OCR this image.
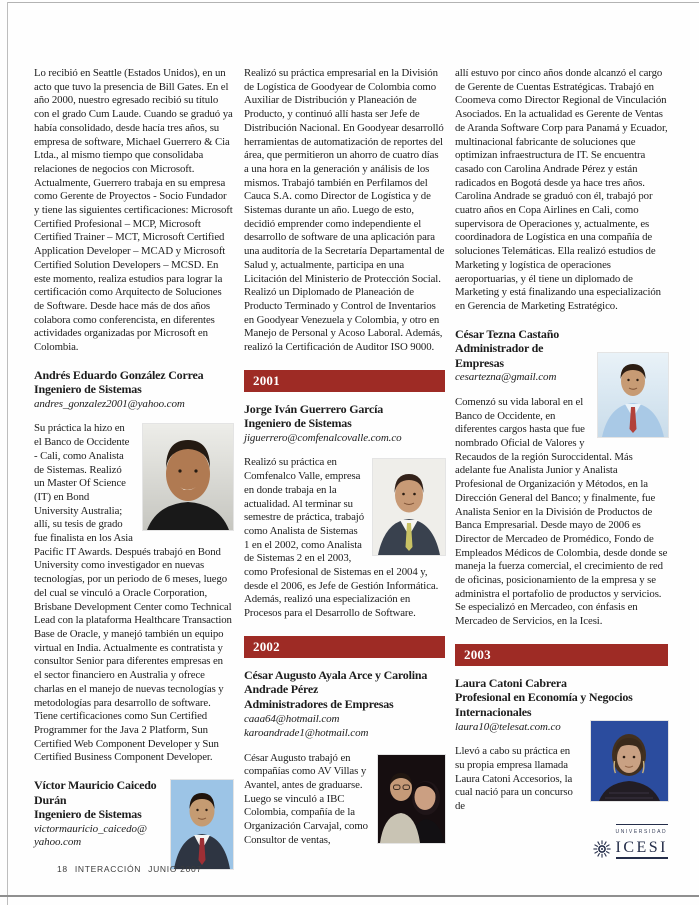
Lo recibió en Seattle (Estados Unidos), en un acto que tuvo la presencia de Bill Gates. En el año 2000, nuestro egresado recibió su título con el grado Cum Laude. Cuando se graduó ya había consolidado, desde hacía tres años, su empresa de software, Michael Guerrero & Cia Ltda., al mismo tiempo que consolidaba relaciones de negocios con Microsoft. Actualmente, Guerrero trabaja en su empresa como Gerente de Proyectos - Socio Fundador y tiene las siguientes certificaciones: Microsoft Certified Profesional – MCP, Microsoft Certified Trainer – MCT, Microsoft Certified Application Developer – MCAD y Microsoft Certified Solution Developers – MCSD. En este momento, realiza estudios para lograr la certificación como Arquitecto de Soluciones de Software. Desde hace más de dos años colabora como conferencista, en diferentes actividades organizadas por Microsoft en Colombia.

Andrés Eduardo González Correa
Ingeniero de Sistemas
andres_gonzalez2001@yahoo.com

Su práctica la hizo en el Banco de Occidente - Cali, como Analista de Sistemas. Realizó un Master Of Science (IT) en Bond University Australia; allí, su tesis de grado fue finalista en los Asia Pacific IT Awards. Después trabajó en Bond University como investigador en nuevas tecnologías, por un periodo de 6 meses, luego del cual se vinculó a Oracle Corporation, Brisbane Development Center como Technical Lead con la plataforma Healthcare Transaction Base de Oracle, y manejó también un equipo virtual en India. Actualmente es contratista y consultor Senior para diferentes empresas en el sector financiero en Australia y ofrece charlas en el manejo de nuevas tecnologías y metodologías para desarrollo de software. Tiene certificaciones como Sun Certified Programmer for the Java 2 Platform, Sun Certified Web Component Developer y Sun Certified Business Component Developer.

Víctor Mauricio Caicedo Durán
Ingeniero de Sistemas
victormauricio_caicedo@​yahoo.com

Realizó su práctica empresarial en la División de Logística de Goodyear de Colombia como Auxiliar de Distribución y Planeación de Producto, y continuó allí hasta ser Jefe de Distribución Nacional. En Goodyear desarrolló herramientas de automatización de reportes del área, que permitieron un ahorro de cuatro días a una hora en la generación y análisis de los mismos. Trabajó también en Perfilamos del Cauca S.A. como Director de Logística y de Sistemas durante un año. Luego de esto, decidió emprender como independiente el desarrollo de software de una aplicación para una auditoría de la Secretaría Departamental de Salud y, actualmente, participa en una Licitación del Ministerio de Protección Social. Realizó un Diplomado de Planeación de Producto Terminado y Control de Inventarios en Goodyear Venezuela y Colombia, y otro en Manejo de Personal y Acoso Laboral. Además, realizó la Certificación de Auditor ISO 9000.

2001
Jorge Iván Guerrero García
Ingeniero de Sistemas
jiguerrero@comfenalcovalle.com.co

Realizó su práctica en Comfenalco Valle, empresa en donde trabaja en la actualidad. Al terminar su semestre de práctica, trabajó como Analista de Sistemas 1 en el 2002, como Analista de Sistemas 2 en el 2003, como Profesional de Sistemas en el 2004 y, desde el 2006, es Jefe de Gestión Informática. Además, realizó una especialización en Procesos para el Desarrollo de Software.

2002
César Augusto Ayala Arce y Carolina Andrade Pérez
Administradores de Empresas
caaa64@hotmail.com
karoandrade1@hotmail.com

César Augusto trabajó en compañías como AV Villas y Avantel, antes de graduarse. Luego se vinculó a IBC Colombia, compañía de la Organización Carvajal, como Consultor de ventas,

allí estuvo por cinco años donde alcanzó el cargo de Gerente de Cuentas Estratégicas. Trabajó en Coomeva como Director Regional de Vinculación Asociados. En la actualidad es Gerente de Ventas de Aranda Software Corp para Panamá y Ecuador, multinacional fabricante de soluciones que optimizan infraestructura de IT. Se encuentra casado con Carolina Andrade Pérez y están radicados en Bogotá desde ya hace tres años. Carolina Andrade se graduó con él, trabajó por cuatro años en Copa Airlines en Cali, como supervisora de Operaciones y, actualmente, es coordinadora de Logística en una compañía de soluciones Telemáticas. Ella realizó estudios de Marketing y logística de operaciones aeroportuarias, y él tiene un diplomado de Marketing y está finalizando una especialización en Gerencia de Marketing Estratégico.

César Tezna Castaño
Administrador de Empresas
cesartezna@gmail.com

Comenzó su vida laboral en el Banco de Occidente, en diferentes cargos hasta que fue nombrado Oficial de Valores y Recaudos de la región Suroccidental. Más adelante fue Analista Junior y Analista Profesional de Organización y Métodos, en la Dirección General del Banco; y finalmente, fue Analista Senior en la División de Productos de Banca Empresarial. Desde mayo de 2006 es Director de Mercadeo de Promédico, Fondo de Empleados Médicos de Colombia, desde donde se maneja la fuerza comercial, el crecimiento de red de oficinas, posicionamiento de la empresa y se administra el portafolio de productos y servicios. Se especializó en Mercadeo, con énfasis en Mercadeo de Servicios, en la Icesi.

2003
Laura Catoni Cabrera
Profesional en Economía y Negocios Internacionales
laura10@telesat.com.co

Llevó a cabo su práctica en su propia empresa llamada Laura Catoni Accesorios, la cual nació para un concurso de

UNIVERSIDAD
ICESI
18 INTERACCIÓN JUNIO 2007
